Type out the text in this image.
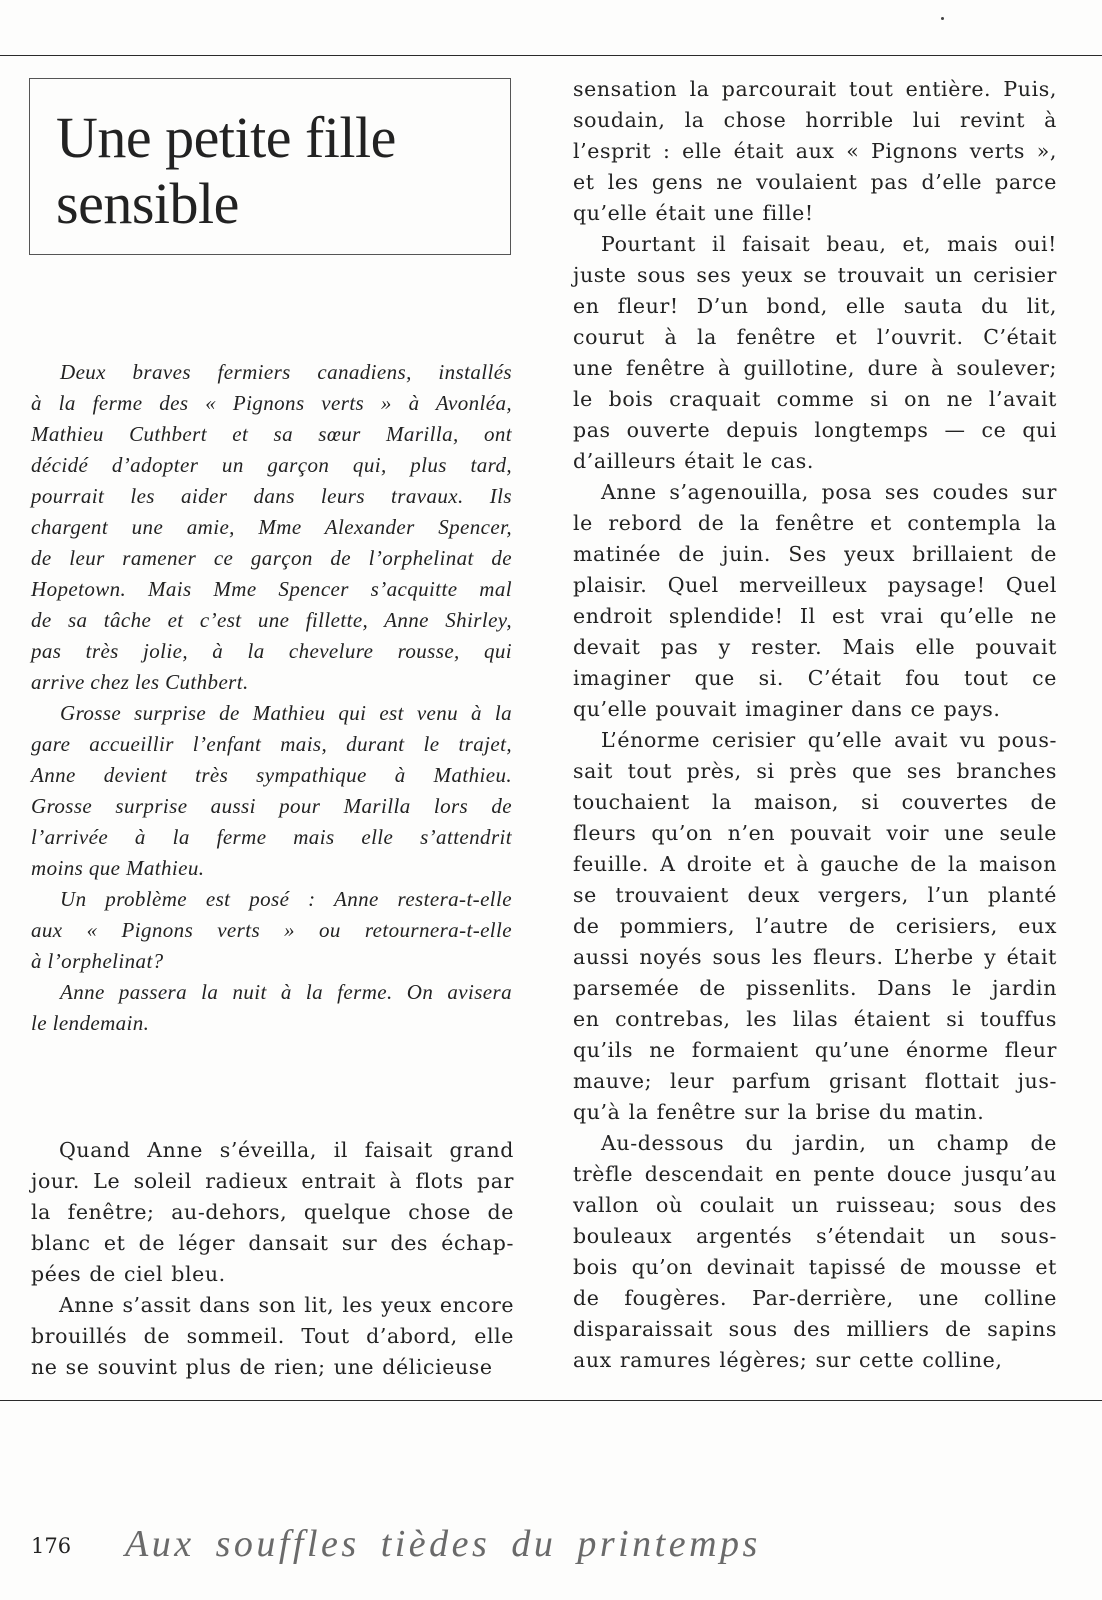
Une petite fille
sensible

Deux braves fermiers canadiens, installés
à la ferme des « Pignons verts » à Avonléa,
Mathieu Cuthbert et sa sœur Marilla, ont
décidé d’adopter un garçon qui, plus tard,
pourrait les aider dans leurs travaux. Ils
chargent une amie, Mme Alexander Spencer,
de leur ramener ce garçon de l’orphelinat de
Hopetown. Mais Mme Spencer s’acquitte mal
de sa tâche et c’est une fillette, Anne Shirley,
pas très jolie, à la chevelure rousse, qui
arrive chez les Cuthbert.

Grosse surprise de Mathieu qui est venu à la
gare accueillir l’enfant mais, durant le trajet,
Anne devient très sympathique à Mathieu.
Grosse surprise aussi pour Marilla lors de
l’arrivée à la ferme mais elle s’attendrit
moins que Mathieu.

Un problème est posé : Anne restera-t-elle
aux « Pignons verts » ou retournera-t-elle
à l’orphelinat?

Anne passera la nuit à la ferme. On avisera
le lendemain.

Quand Anne s’éveilla, il faisait grand
jour. Le soleil radieux entrait à flots par
la fenêtre; au-dehors, quelque chose de
blanc et de léger dansait sur des échap-
pées de ciel bleu.

Anne s’assit dans son lit, les yeux encore
brouillés de sommeil. Tout d’abord, elle
ne se souvint plus de rien; une délicieuse

sensation la parcourait tout entière. Puis,
soudain, la chose horrible lui revint à
l’esprit : elle était aux « Pignons verts »,
et les gens ne voulaient pas d’elle parce
qu’elle était une fille!

Pourtant il faisait beau, et, mais oui!
juste sous ses yeux se trouvait un cerisier
en fleur! D’un bond, elle sauta du lit,
courut à la fenêtre et l’ouvrit. C’était
une fenêtre à guillotine, dure à soulever;
le bois craquait comme si on ne l’avait
pas ouverte depuis longtemps — ce qui
d’ailleurs était le cas.

Anne s’agenouilla, posa ses coudes sur
le rebord de la fenêtre et contempla la
matinée de juin. Ses yeux brillaient de
plaisir. Quel merveilleux paysage! Quel
endroit splendide! Il est vrai qu’elle ne
devait pas y rester. Mais elle pouvait
imaginer que si. C’était fou tout ce
qu’elle pouvait imaginer dans ce pays.

L’énorme cerisier qu’elle avait vu pous-
sait tout près, si près que ses branches
touchaient la maison, si couvertes de
fleurs qu’on n’en pouvait voir une seule
feuille. A droite et à gauche de la maison
se trouvaient deux vergers, l’un planté
de pommiers, l’autre de cerisiers, eux
aussi noyés sous les fleurs. L’herbe y était
parsemée de pissenlits. Dans le jardin
en contrebas, les lilas étaient si touffus
qu’ils ne formaient qu’une énorme fleur
mauve; leur parfum grisant flottait jus-
qu’à la fenêtre sur la brise du matin.

Au-dessous du jardin, un champ de
trèfle descendait en pente douce jusqu’au
vallon où coulait un ruisseau; sous des
bouleaux argentés s’étendait un sous-
bois qu’on devinait tapissé de mousse et
de fougères. Par-derrière, une colline
disparaissait sous des milliers de sapins
aux ramures légères; sur cette colline,

176 Aux souffles tièdes du printemps
